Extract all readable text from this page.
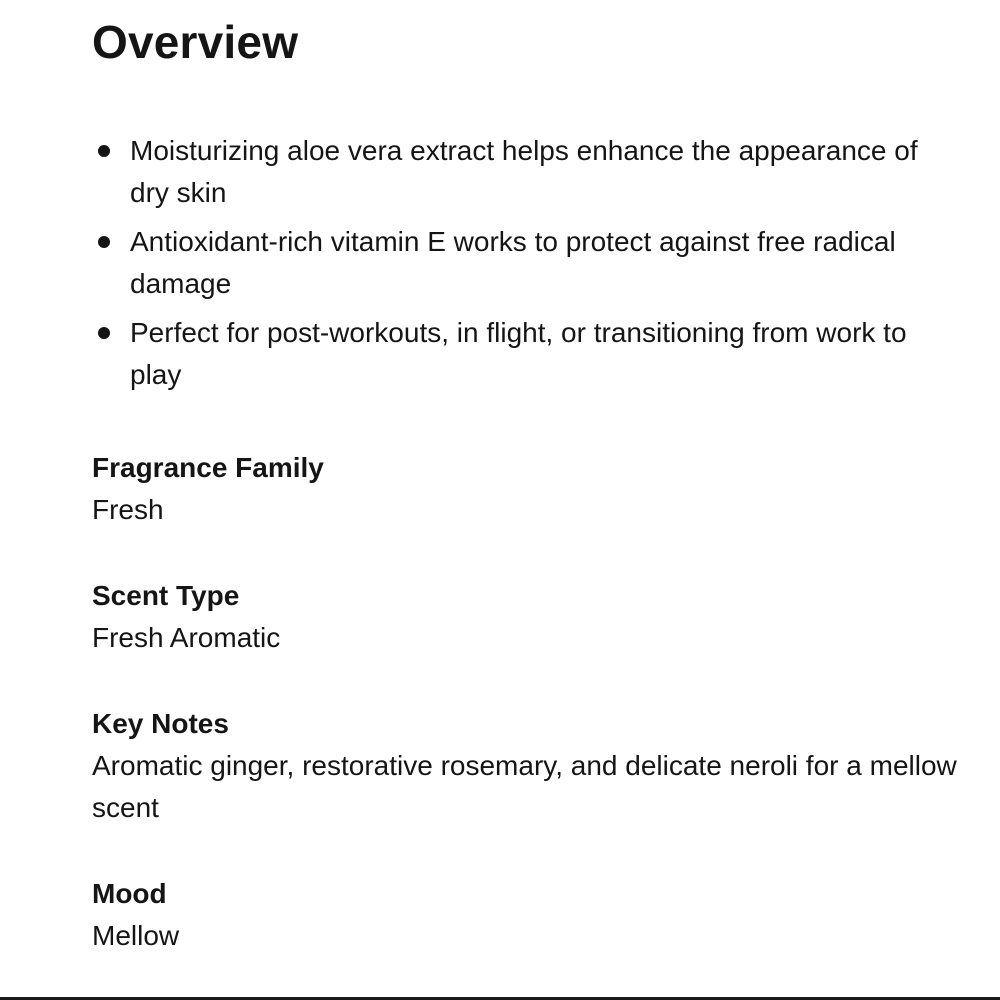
Overview
Moisturizing aloe vera extract helps enhance the appearance of dry skin
Antioxidant-rich vitamin E works to protect against free radical damage
Perfect for post-workouts, in flight, or transitioning from work to play
Fragrance Family
Fresh
Scent Type
Fresh Aromatic
Key Notes
Aromatic ginger, restorative rosemary, and delicate neroli for a mellow scent
Mood
Mellow
